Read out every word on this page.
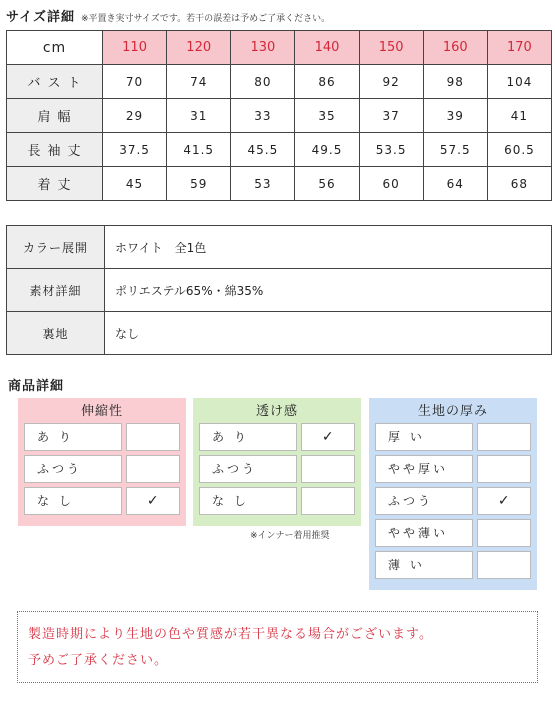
サイズ詳細 ※平置き実寸サイズです。若干の誤差は予めご了承ください。
cm	110	120	130	140	150	160	170
バスト	70	74	80	86	92	98	104
肩幅	29	31	33	35	37	39	41
長袖丈	37.5	41.5	45.5	49.5	53.5	57.5	60.5
着丈	45	59	53	56	60	64	68
カラー展開	ホワイト　全1色
素材詳細	ポリエステル65%・綿35%
裏地	なし
商品詳細
伸縮性
あ り
ふつう
な し	✓
透け感
あ り	✓
ふつう
な し
※インナー着用推奨
生地の厚み
厚 い
やや厚い
ふつう	✓
やや薄い
薄 い
製造時期により生地の色や質感が若干異なる場合がございます。
予めご了承ください。
